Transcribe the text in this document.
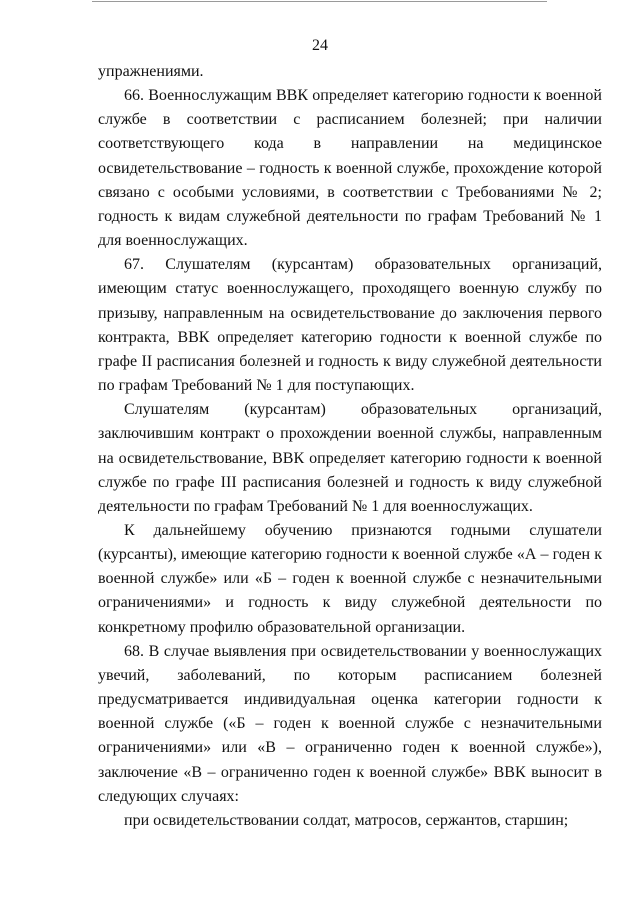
24

упражнениями.

66. Военнослужащим ВВК определяет категорию годности к военной службе в соответствии с расписанием болезней; при наличии соответствующего кода в направлении на медицинское освидетельствование – годность к военной службе, прохождение которой связано с особыми условиями, в соответствии с Требованиями № 2; годность к видам служебной деятельности по графам Требований № 1 для военнослужащих.

67. Слушателям (курсантам) образовательных организаций, имеющим статус военнослужащего, проходящего военную службу по призыву, направленным на освидетельствование до заключения первого контракта, ВВК определяет категорию годности к военной службе по графе II расписания болезней и годность к виду служебной деятельности по графам Требований № 1 для поступающих.

Слушателям (курсантам) образовательных организаций, заключившим контракт о прохождении военной службы, направленным на освидетельствование, ВВК определяет категорию годности к военной службе по графе III расписания болезней и годность к виду служебной деятельности по графам Требований № 1 для военнослужащих.

К дальнейшему обучению признаются годными слушатели (курсанты), имеющие категорию годности к военной службе «А – годен к военной службе» или «Б – годен к военной службе с незначительными ограничениями» и годность к виду служебной деятельности по конкретному профилю образовательной организации.

68. В случае выявления при освидетельствовании у военнослужащих увечий, заболеваний, по которым расписанием болезней предусматривается индивидуальная оценка категории годности к военной службе («Б – годен к военной службе с незначительными ограничениями» или «В – ограниченно годен к военной службе»), заключение «В – ограниченно годен к военной службе» ВВК выносит в следующих случаях:

при освидетельствовании солдат, матросов, сержантов, старшин;
